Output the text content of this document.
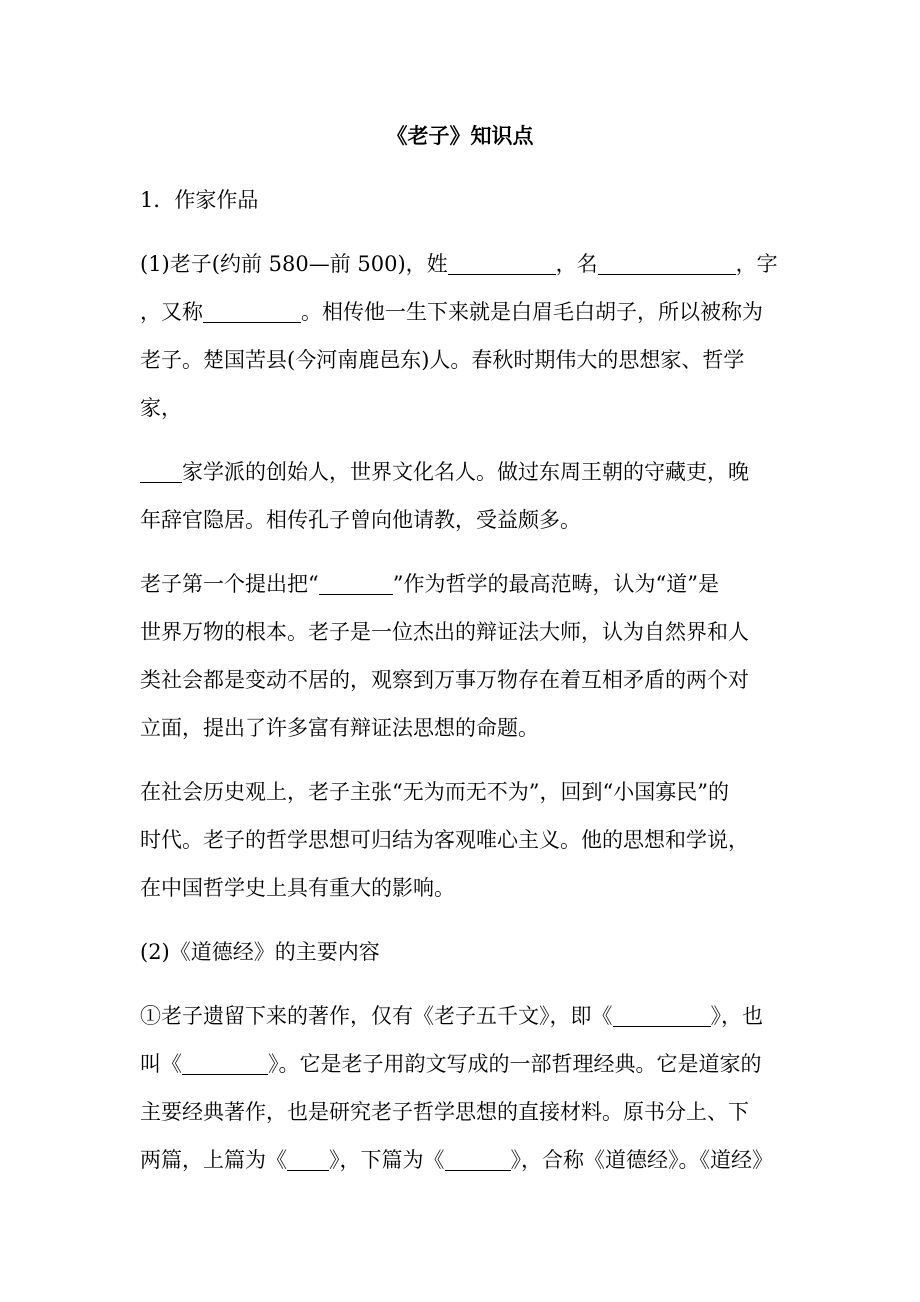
《老子》知识点
1．作家作品
(1)老子(约前 580—前 500)，姓	，名	，字
，又称	。相传他一生下来就是白眉毛白胡子，所以被称为
老子。楚国苦县(今河南鹿邑东)人。春秋时期伟大的思想家、哲学
家，
家学派的创始人，世界文化名人。做过东周王朝的守藏吏，晚
年辞官隐居。相传孔子曾向他请教，受益颇多。
老子第一个提出把“	”作为哲学的最高范畴，认为“道”是
世界万物的根本。老子是一位杰出的辩证法大师，认为自然界和人
类社会都是变动不居的，观察到万事万物存在着互相矛盾的两个对
立面，提出了许多富有辩证法思想的命题。
在社会历史观上，老子主张“无为而无不为”，回到“小国寡民”的
时代。老子的哲学思想可归结为客观唯心主义。他的思想和学说，
在中国哲学史上具有重大的影响。
(2)《道德经》的主要内容
①老子遗留下来的著作，仅有《老子五千文》，即《	》，也
叫《	》。它是老子用韵文写成的一部哲理经典。它是道家的
主要经典著作，也是研究老子哲学思想的直接材料。原书分上、下
两篇，上篇为《 》，下篇为《	》，合称《道德经》。《道经》
